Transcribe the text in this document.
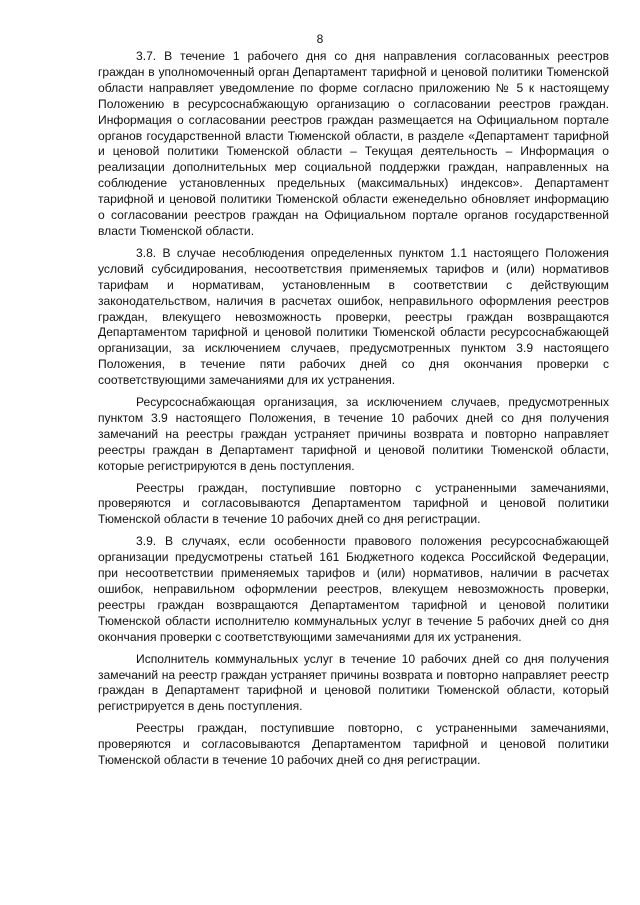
8

3.7. В течение 1 рабочего дня со дня направления согласованных реестров граждан в уполномоченный орган Департамент тарифной и ценовой политики Тюменской области направляет уведомление по форме согласно приложению № 5 к настоящему Положению в ресурсоснабжающую организацию о согласовании реестров граждан. Информация о согласовании реестров граждан размещается на Официальном портале органов государственной власти Тюменской области, в разделе «Департамент тарифной и ценовой политики Тюменской области – Текущая деятельность – Информация о реализации дополнительных мер социальной поддержки граждан, направленных на соблюдение установленных предельных (максимальных) индексов». Департамент тарифной и ценовой политики Тюменской области еженедельно обновляет информацию о согласовании реестров граждан на Официальном портале органов государственной власти Тюменской области.

3.8. В случае несоблюдения определенных пунктом 1.1 настоящего Положения условий субсидирования, несоответствия применяемых тарифов и (или) нормативов тарифам и нормативам, установленным в соответствии с действующим законодательством, наличия в расчетах ошибок, неправильного оформления реестров граждан, влекущего невозможность проверки, реестры граждан возвращаются Департаментом тарифной и ценовой политики Тюменской области ресурсоснабжающей организации, за исключением случаев, предусмотренных пунктом 3.9 настоящего Положения, в течение пяти рабочих дней со дня окончания проверки с соответствующими замечаниями для их устранения.

Ресурсоснабжающая организация, за исключением случаев, предусмотренных пунктом 3.9 настоящего Положения, в течение 10 рабочих дней со дня получения замечаний на реестры граждан устраняет причины возврата и повторно направляет реестры граждан в Департамент тарифной и ценовой политики Тюменской области, которые регистрируются в день поступления.

Реестры граждан, поступившие повторно с устраненными замечаниями, проверяются и согласовываются Департаментом тарифной и ценовой политики Тюменской области в течение 10 рабочих дней со дня регистрации.

3.9. В случаях, если особенности правового положения ресурсоснабжающей организации предусмотрены статьей 161 Бюджетного кодекса Российской Федерации, при несоответствии применяемых тарифов и (или) нормативов, наличии в расчетах ошибок, неправильном оформлении реестров, влекущем невозможность проверки, реестры граждан возвращаются Департаментом тарифной и ценовой политики Тюменской области исполнителю коммунальных услуг в течение 5 рабочих дней со дня окончания проверки с соответствующими замечаниями для их устранения.

Исполнитель коммунальных услуг в течение 10 рабочих дней со дня получения замечаний на реестр граждан устраняет причины возврата и повторно направляет реестр граждан в Департамент тарифной и ценовой политики Тюменской области, который регистрируется в день поступления.

Реестры граждан, поступившие повторно, с устраненными замечаниями, проверяются и согласовываются Департаментом тарифной и ценовой политики Тюменской области в течение 10 рабочих дней со дня регистрации.
